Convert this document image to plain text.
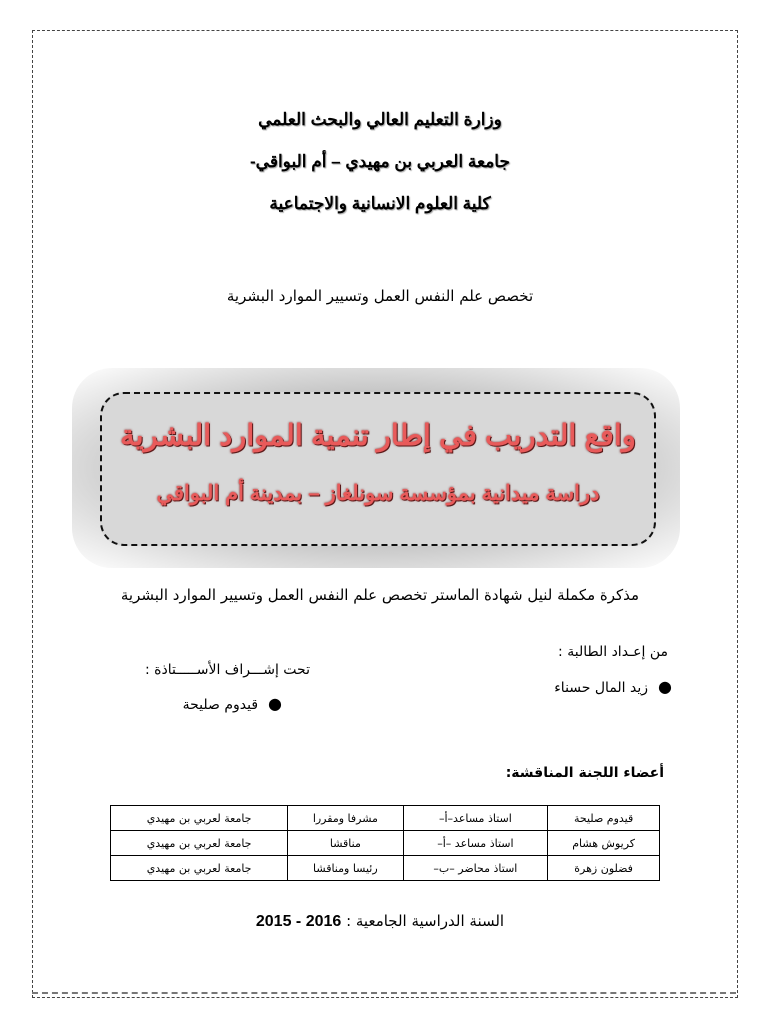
وزارة التعليم العالي والبحث العلمي
جامعة العربي بن مهيدي – أم البواقي-
كلية العلوم الانسانية والاجتماعية
تخصص علم النفس العمل وتسيير الموارد البشرية
واقع التدريب في إطار تنمية الموارد البشرية
دراسة ميدانية بمؤسسة سونلغاز – بمدينة أم البواقي
مذكرة مكملة لنيل شهادة الماستر تخصص علم النفس العمل وتسيير الموارد البشرية
من إعـداد الطالبة :
●زيد المال حسناء
تحت إشـــراف الأســـــتاذة :
●قيدوم صليحة
أعضاء اللجنة المناقشة:
قيدوم صليحة	استاذ مساعد–أ–	مشرفا ومقررا	جامعة لعربي بن مهيدي
كريوش هشام	استاذ مساعد –أ–	مناقشا	جامعة لعربي بن مهيدي
فضلون زهرة	استاذ محاضر –ب–	رئيسا ومناقشا	جامعة لعربي بن مهيدي
السنة الدراسية الجامعية : 2015 - 2016
